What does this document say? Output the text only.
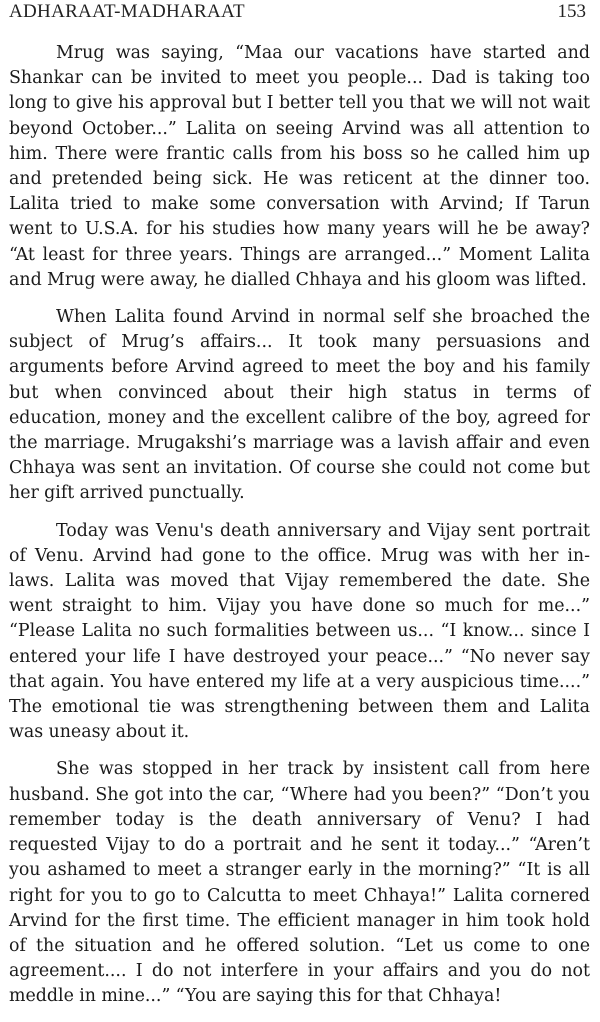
ADHARAAT-MADHARAAT	153

Mrug was saying, “Maa our vacations have started and Shankar can be invited to meet you people... Dad is taking too long to give his approval but I better tell you that we will not wait beyond October...” Lalita on seeing Arvind was all attention to him. There were frantic calls from his boss so he called him up and pretended being sick. He was reticent at the dinner too. Lalita tried to make some conversation with Arvind; If Tarun went to U.S.A. for his studies how many years will he be away? “At least for three years. Things are arranged...” Moment Lalita and Mrug were away, he dialled Chhaya and his gloom was lifted.

When Lalita found Arvind in normal self she broached the subject of Mrug’s affairs... It took many persuasions and arguments before Arvind agreed to meet the boy and his family but when convinced about their high status in terms of education, money and the excellent calibre of the boy, agreed for the marriage. Mrugakshi’s marriage was a lavish affair and even Chhaya was sent an invitation. Of course she could not come but her gift arrived punctually.

Today was Venu's death anniversary and Vijay sent portrait of Venu. Arvind had gone to the office. Mrug was with her in-laws. Lalita was moved that Vijay remembered the date. She went straight to him. Vijay you have done so much for me...” “Please Lalita no such formalities between us... “I know... since I entered your life I have destroyed your peace...” “No never say that again. You have entered my life at a very auspicious time....” The emotional tie was strengthening between them and Lalita was uneasy about it.

She was stopped in her track by insistent call from here husband. She got into the car, “Where had you been?” “Don’t you remember today is the death anniversary of Venu? I had requested Vijay to do a portrait and he sent it today...” “Aren’t you ashamed to meet a stranger early in the morning?” “It is all right for you to go to Calcutta to meet Chhaya!” Lalita cornered Arvind for the first time. The efficient manager in him took hold of the situation and he offered solution. “Let us come to one agreement.... I do not interfere in your affairs and you do not meddle in mine...” “You are saying this for that Chhaya!
